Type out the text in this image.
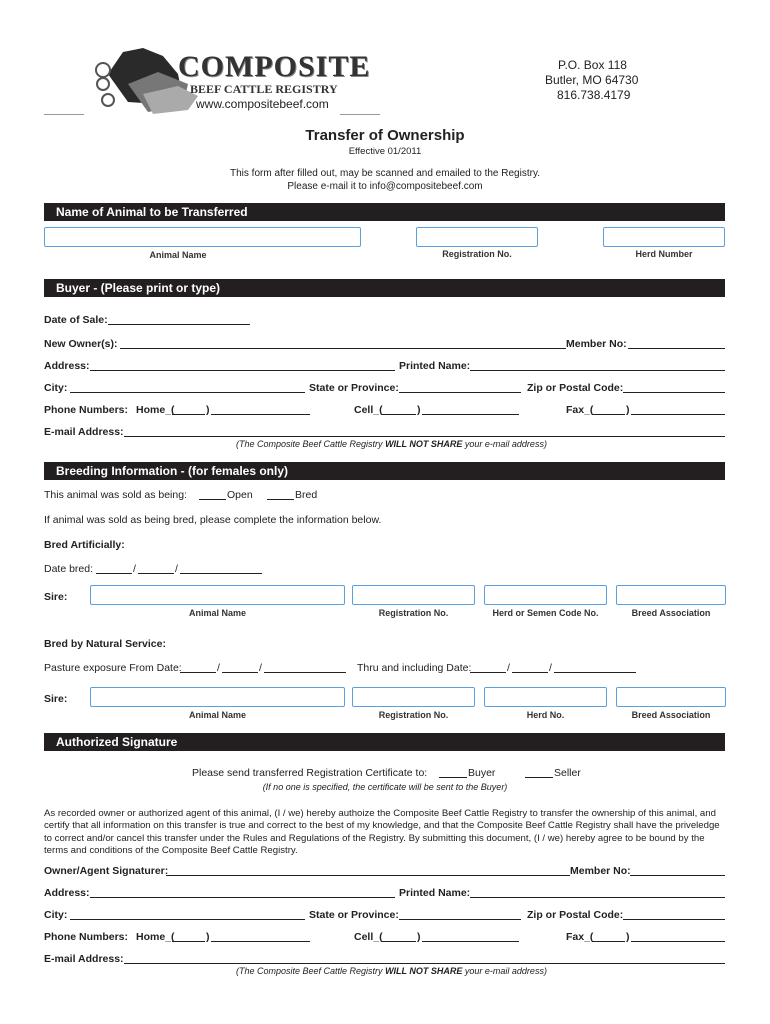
COMPOSITE
BEEF CATTLE REGISTRY
www.compositebeef.com
P.O. Box 118
Butler, MO 64730
816.738.4179
Transfer of Ownership
Effective 01/2011
This form after filled out, may be scanned and emailed to the Registry.
Please e-mail it to info@compositebeef.com
Name of Animal to be Transferred
Animal Name	Registration No.	Herd Number
Buyer - (Please print or type)
Date of Sale:
New Owner(s):	Member No:
Address:	Printed Name:
City:	State or Province:	Zip or Postal Code:
Phone Numbers: Home_(	)	Cell_(	)	Fax_(	)
E-mail Address:
(The Composite Beef Cattle Registry WILL NOT SHARE your e-mail address)
Breeding Information - (for females only)
This animal was sold as being:	Open	Bred
If animal was sold as being bred, please complete the information below.
Bred Artificially:
Date bred:	/	/
Sire:
Animal Name	Registration No.	Herd or Semen Code No.	Breed Association
Bred by Natural Service:
Pasture exposure From Date:	/	/	Thru and including Date:	/	/
Sire:
Animal Name	Registration No.	Herd No.	Breed Association
Authorized Signature
Please send transferred Registration Certificate to:	Buyer	Seller
(If no one is specified, the certificate will be sent to the Buyer)
As recorded owner or authorized agent of this animal, (I / we) hereby authoize the Composite Beef Cattle Registry to transfer the ownership of this animal, and certify that all information on this transfer is true and correct to the best of my knowledge, and that the Composite Beef Cattle Registry shall have the priveledge to correct and/or cancel this transfer under the Rules and Regulations of the Registry. By submitting this document, (I / we) hereby agree to be bound by the terms and conditions of the Composite Beef Cattle Registry.
Owner/Agent Signaturer:	Member No:
Address:	Printed Name:
City:	State or Province:	Zip or Postal Code:
Phone Numbers: Home_(	)	Cell_(	)	Fax_(	)
E-mail Address:
(The Composite Beef Cattle Registry WILL NOT SHARE your e-mail address)
